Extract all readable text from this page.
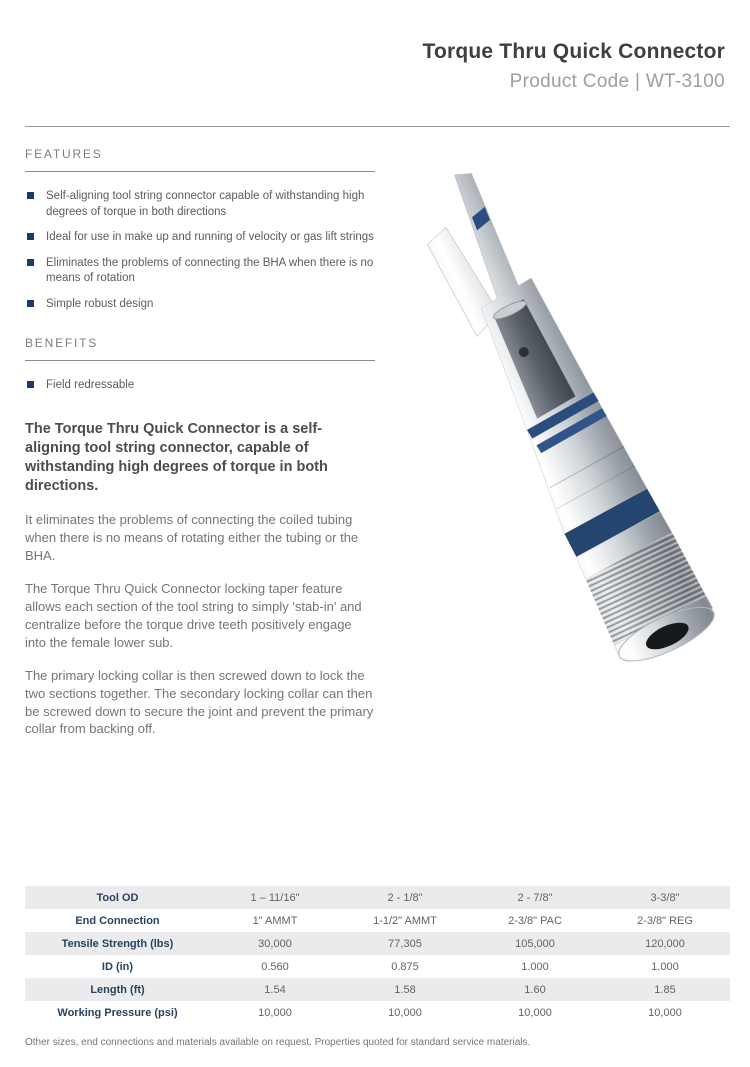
Torque Thru Quick Connector
Product Code | WT-3100
FEATURES
Self-aligning tool string connector capable of withstanding high degrees of torque in both directions
Ideal for use in make up and running of velocity or gas lift strings
Eliminates the problems of connecting the BHA when there is no means of rotation
Simple robust design
BENEFITS
Field redressable
The Torque Thru Quick Connector is a self-aligning tool string connector, capable of withstanding high degrees of torque in both directions.
It eliminates the problems of connecting the coiled tubing when there is no means of rotating either the tubing or the BHA.
The Torque Thru Quick Connector locking taper feature allows each section of the tool string to simply 'stab-in' and centralize before the torque drive teeth positively engage into the female lower sub.
The primary locking collar is then screwed down to lock the two sections together. The secondary locking collar can then be screwed down to secure the joint and prevent the primary collar from backing off.
Tool OD	1 – 11/16"	2 - 1/8"	2 - 7/8"	3-3/8"
End Connection	1" AMMT	1-1/2" AMMT	2-3/8" PAC	2-3/8" REG
Tensile Strength (lbs)	30,000	77,305	105,000	120,000
ID (in)	0.560	0.875	1.000	1.000
Length (ft)	1.54	1.58	1.60	1.85
Working Pressure (psi)	10,000	10,000	10,000	10,000
Other sizes, end connections and materials available on request. Properties quoted for standard service materials.
